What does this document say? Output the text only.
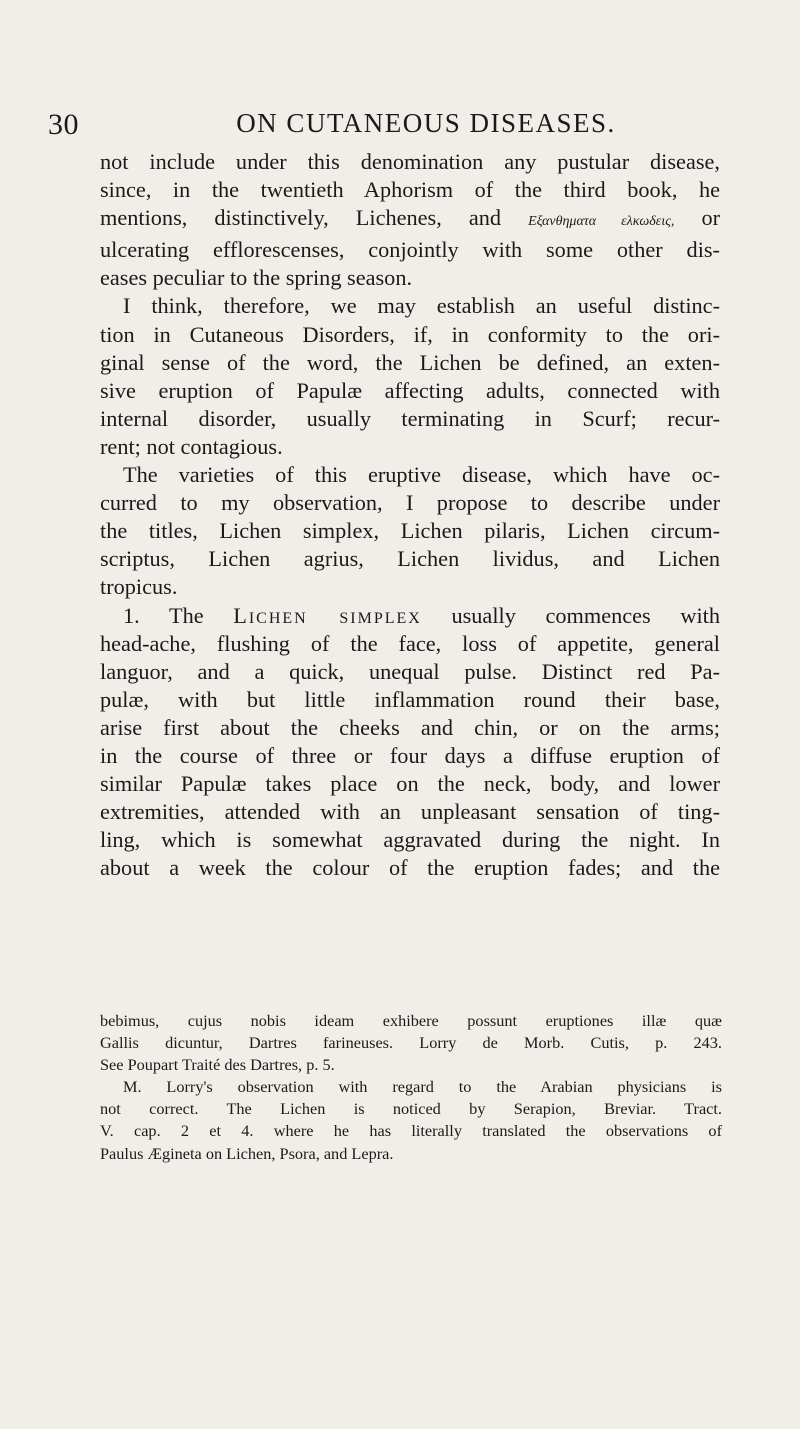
30	ON CUTANEOUS DISEASES.
not include under this denomination any pustular disease,
since, in the twentieth Aphorism of the third book, he
mentions, distinctively, Lichenes, and Εξανθηματα ελκωδεις, or
ulcerating efflorescenses, conjointly with some other dis-
eases peculiar to the spring season.
I think, therefore, we may establish an useful distinc-
tion in Cutaneous Disorders, if, in conformity to the ori-
ginal sense of the word, the Lichen be defined, an exten-
sive eruption of Papulæ affecting adults, connected with
internal disorder, usually terminating in Scurf; recur-
rent; not contagious.
The varieties of this eruptive disease, which have oc-
curred to my observation, I propose to describe under
the titles, Lichen simplex, Lichen pilaris, Lichen circum-
scriptus, Lichen agrius, Lichen lividus, and Lichen
tropicus.
1. The Lichen simplex usually commences with
head-ache, flushing of the face, loss of appetite, general
languor, and a quick, unequal pulse. Distinct red Pa-
pulæ, with but little inflammation round their base,
arise first about the cheeks and chin, or on the arms;
in the course of three or four days a diffuse eruption of
similar Papulæ takes place on the neck, body, and lower
extremities, attended with an unpleasant sensation of ting-
ling, which is somewhat aggravated during the night. In
about a week the colour of the eruption fades; and the
bebimus, cujus nobis ideam exhibere possunt eruptiones illæ quæ
Gallis dicuntur, Dartres farineuses. Lorry de Morb. Cutis, p. 243.
See Poupart Traité des Dartres, p. 5.
M. Lorry's observation with regard to the Arabian physicians is
not correct. The Lichen is noticed by Serapion, Breviar. Tract.
V. cap. 2 et 4. where he has literally translated the observations of
Paulus Ægineta on Lichen, Psora, and Lepra.
